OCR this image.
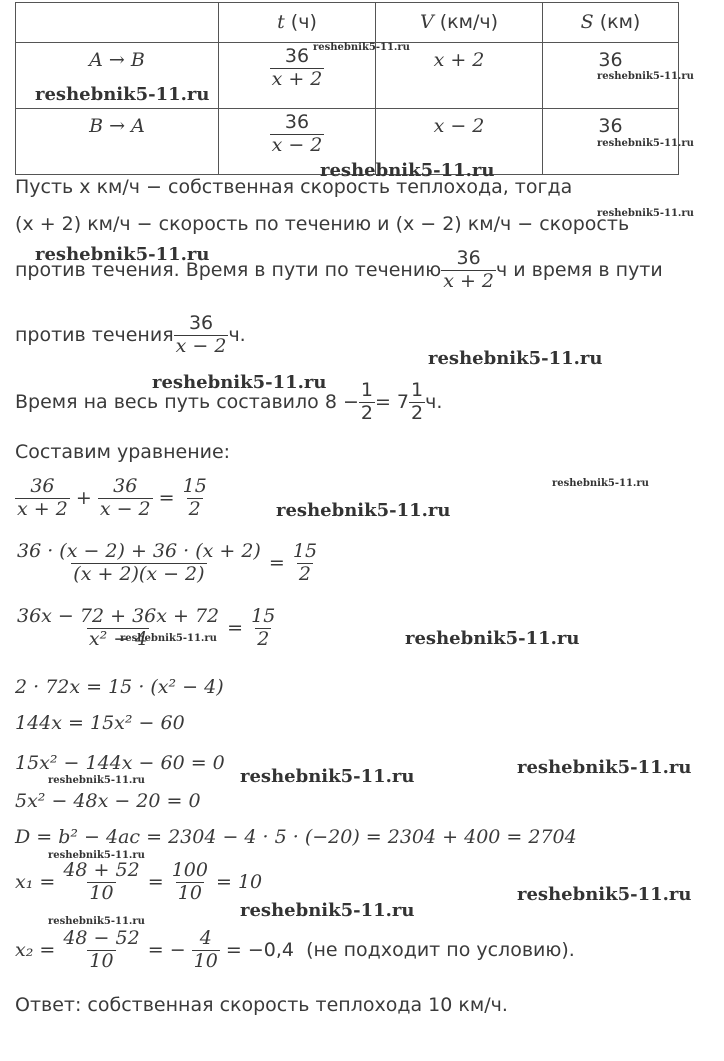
	t (ч)	V (км/ч)	S (км)
A → B	$\frac{36}{x + 2}$	x + 2	36
B → A	$\frac{36}{x - 2}$	x − 2	36
Пусть x км/ч − собственная скорость теплохода, тогда
(x + 2) км/ч − скорость по течению и (x − 2) км/ч − скорость
против течения. Время в пути по течению $\frac{36}{x + 2}$ ч и время в пути
против течения $\frac{36}{x - 2} ч$.
Время на весь путь составило $8 - \frac{1}{2} = 7 \frac{1}{2} ч$.
Составим уравнение:
$\frac{36}{x + 2} + \frac{36}{x - 2} = \frac{15}{2}$
$\frac{36 \cdot (x - 2) + 36 \cdot (x + 2)}{(x + 2)(x - 2)} = \frac{15}{2}$
$\frac{36x - 72 + 36x + 72}{\text{x² − 4}} = \frac{15}{2}$
2 · 72x = 15 · (x² − 4)
144x = 15x² − 60
15x² − 144x − 60 = 0
5x² − 48x − 20 = 0
D = b² − 4ac = 2304 − 4 · 5 · (−20) = 2304 + 400 = 2704
$x_1 = \frac{48 + 52}{10} = \frac{100}{10} = 10$
$x_2 = \frac{48 - 52}{10}$ = − $\frac{4}{10} = -0,4$  (не подходит по условию).
Ответ: собственная скорость теплохода 10 км/ч.
reshebnik5-11.ru
reshebnik5-11.ru
reshebnik5-11.ru
reshebnik5-11.ru
reshebnik5-11.ru
reshebnik5-11.ru
reshebnik5-11.ru
reshebnik5-11.ru
reshebnik5-11.ru
reshebnik5-11.ru
reshebnik5-11.ru
reshebnik5-11.ru	reshebnik5-11.ru
reshebnik5-11.ru	reshebnik5-11.ru	reshebnik5-11.ru
reshebnik5-11.ru
reshebnik5-11.ru
reshebnik5-11.ru
reshebnik5-11.ru
